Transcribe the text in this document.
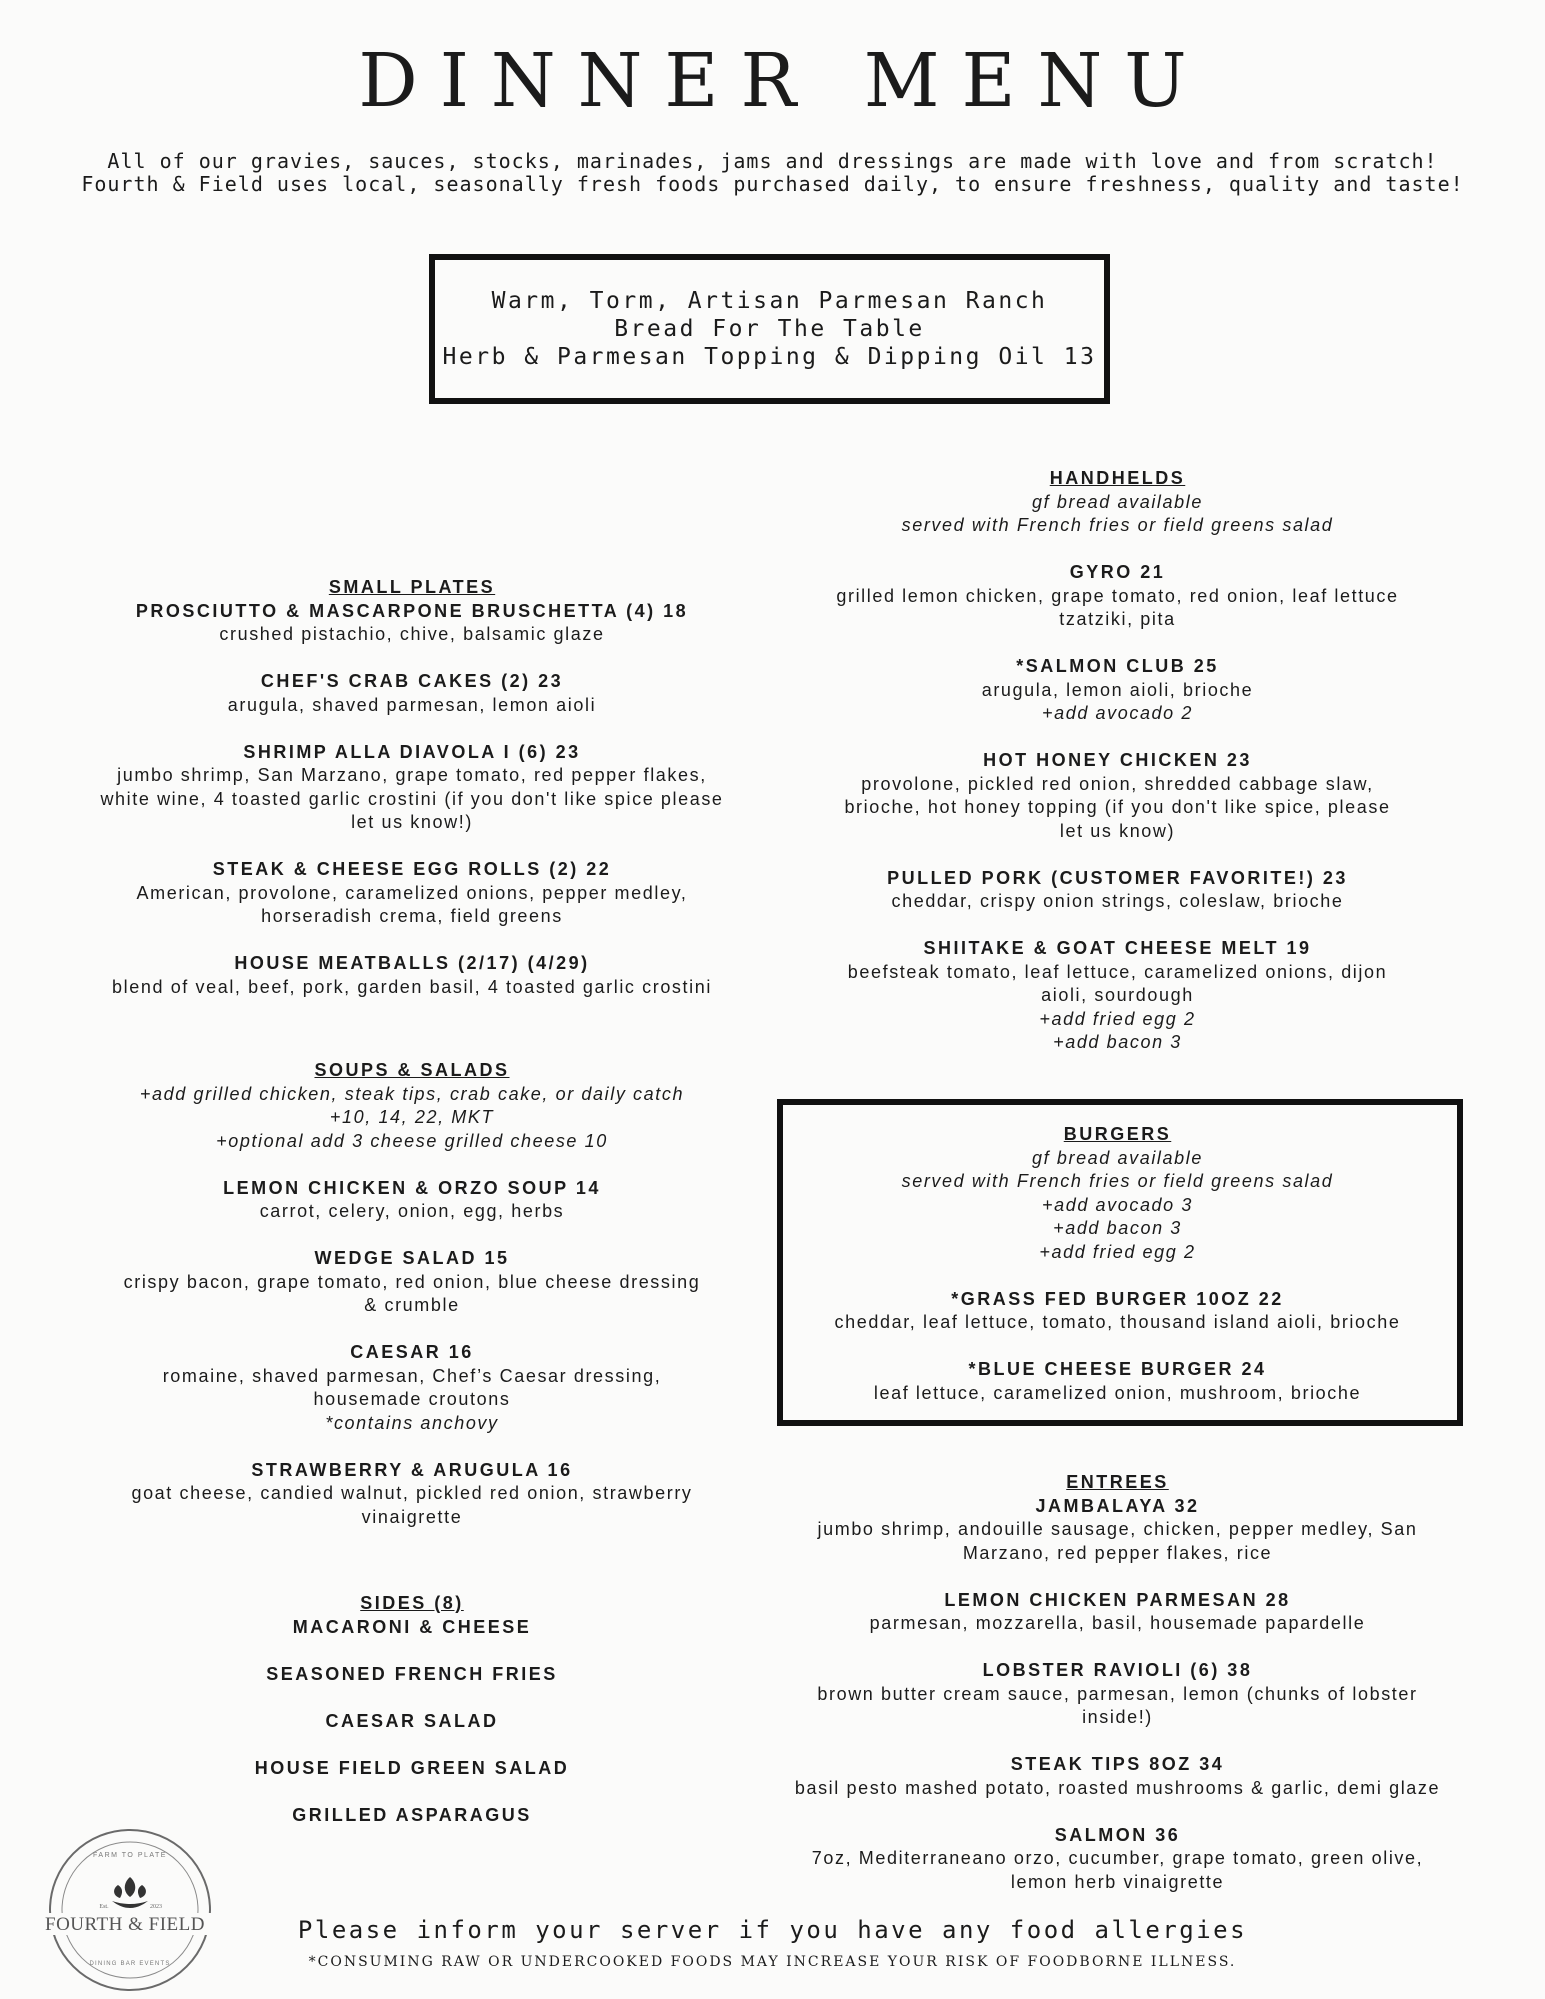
DINNER MENU
All of our gravies, sauces, stocks, marinades, jams and dressings are made with love and from scratch!
Fourth & Field uses local, seasonally fresh foods purchased daily, to ensure freshness, quality and taste!
Warm, Torm, Artisan Parmesan Ranch
Bread For The Table
Herb & Parmesan Topping & Dipping Oil 13
SMALL PLATES
PROSCIUTTO & MASCARPONE BRUSCHETTA (4) 18
crushed pistachio, chive, balsamic glaze
CHEF'S CRAB CAKES (2) 23
arugula, shaved parmesan, lemon aioli
SHRIMP ALLA DIAVOLA I (6) 23
jumbo shrimp, San Marzano, grape tomato, red pepper flakes,
white wine, 4 toasted garlic crostini (if you don't like spice please
let us know!)
STEAK & CHEESE EGG ROLLS (2) 22
American, provolone, caramelized onions, pepper medley,
horseradish crema, field greens
HOUSE MEATBALLS (2/17) (4/29)
blend of veal, beef, pork, garden basil, 4 toasted garlic crostini
SOUPS & SALADS
+add grilled chicken, steak tips, crab cake, or daily catch
+10, 14, 22, MKT
+optional add 3 cheese grilled cheese 10
LEMON CHICKEN & ORZO SOUP 14
carrot, celery, onion, egg, herbs
WEDGE SALAD 15
crispy bacon, grape tomato, red onion, blue cheese dressing
& crumble
CAESAR 16
romaine, shaved parmesan, Chef’s Caesar dressing,
housemade croutons
*contains anchovy
STRAWBERRY & ARUGULA 16
goat cheese, candied walnut, pickled red onion, strawberry
vinaigrette
SIDES (8)
MACARONI & CHEESE
SEASONED FRENCH FRIES
CAESAR SALAD
HOUSE FIELD GREEN SALAD
GRILLED ASPARAGUS
HANDHELDS
gf bread available
served with French fries or field greens salad
GYRO 21
grilled lemon chicken, grape tomato, red onion, leaf lettuce
tzatziki, pita
*SALMON CLUB 25
arugula, lemon aioli, brioche
+add avocado 2
HOT HONEY CHICKEN 23
provolone, pickled red onion, shredded cabbage slaw,
brioche, hot honey topping (if you don't like spice, please
let us know)
PULLED PORK (CUSTOMER FAVORITE!) 23
cheddar, crispy onion strings, coleslaw, brioche
SHIITAKE & GOAT CHEESE MELT 19
beefsteak tomato, leaf lettuce, caramelized onions, dijon
aioli, sourdough
+add fried egg 2
+add bacon 3
BURGERS
gf bread available
served with French fries or field greens salad
+add avocado 3
+add bacon 3
+add fried egg 2
*GRASS FED BURGER 10OZ 22
cheddar, leaf lettuce, tomato, thousand island aioli, brioche
*BLUE CHEESE BURGER 24
leaf lettuce, caramelized onion, mushroom, brioche
ENTREES
JAMBALAYA 32
jumbo shrimp, andouille sausage, chicken, pepper medley, San
Marzano, red pepper flakes, rice
LEMON CHICKEN PARMESAN 28
parmesan, mozzarella, basil, housemade papardelle
LOBSTER RAVIOLI (6) 38
brown butter cream sauce, parmesan, lemon (chunks of lobster
inside!)
STEAK TIPS 8OZ 34
basil pesto mashed potato, roasted mushrooms & garlic, demi glaze
SALMON 36
7oz, Mediterraneano orzo, cucumber, grape tomato, green olive,
lemon herb vinaigrette
FARM TO PLATE
Est.	2023
FOURTH & FIELD
DINING BAR EVENTS
Please inform your server if you have any food allergies
*CONSUMING RAW OR UNDERCOOKED FOODS MAY INCREASE YOUR RISK OF FOODBORNE ILLNESS.
